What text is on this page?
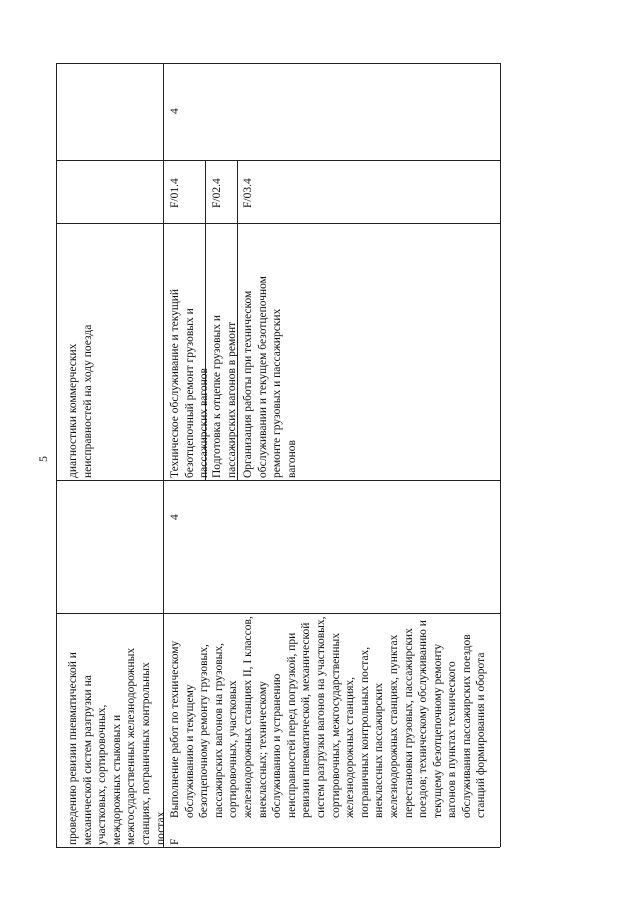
5
проведению ревизии пневматической и механической систем разгрузки на участковых, сортировочных, междорожных стыковых и межгосударственных железнодорожных станциях, пограничных контрольных постах
диагностики коммерческих неисправностей на ходу поезда
F
Выполнение работ по техническому обслуживанию и текущему безотцепочному ремонту грузовых, пассажирских вагонов на грузовых, сортировочных, участковых железнодорожных станциях II, I классов, внеклассных; техническому обслуживанию и устранению неисправностей перед погрузкой, при ревизии пневматической, механической систем разгрузки вагонов на участковых, сортировочных, межгосударственных железнодорожных станциях, пограничных контрольных постах, внеклассных пассажирских железнодорожных станциях, пунктах перестановки грузовых, пассажирских поездов; техническому обслуживанию и текущему безотцепочному ремонту вагонов в пунктах технического обслуживания пассажирских поездов станций формирования и оборота
4
Техническое обслуживание и текущий безотцепочный ремонт грузовых и пассажирских вагонов
F/01.4
4
Подготовка к отцепке грузовых и пассажирских вагонов в ремонт
F/02.4
Организация работы при техническом обслуживании и текущем безотцепочном ремонте грузовых и пассажирских вагонов
F/03.4
